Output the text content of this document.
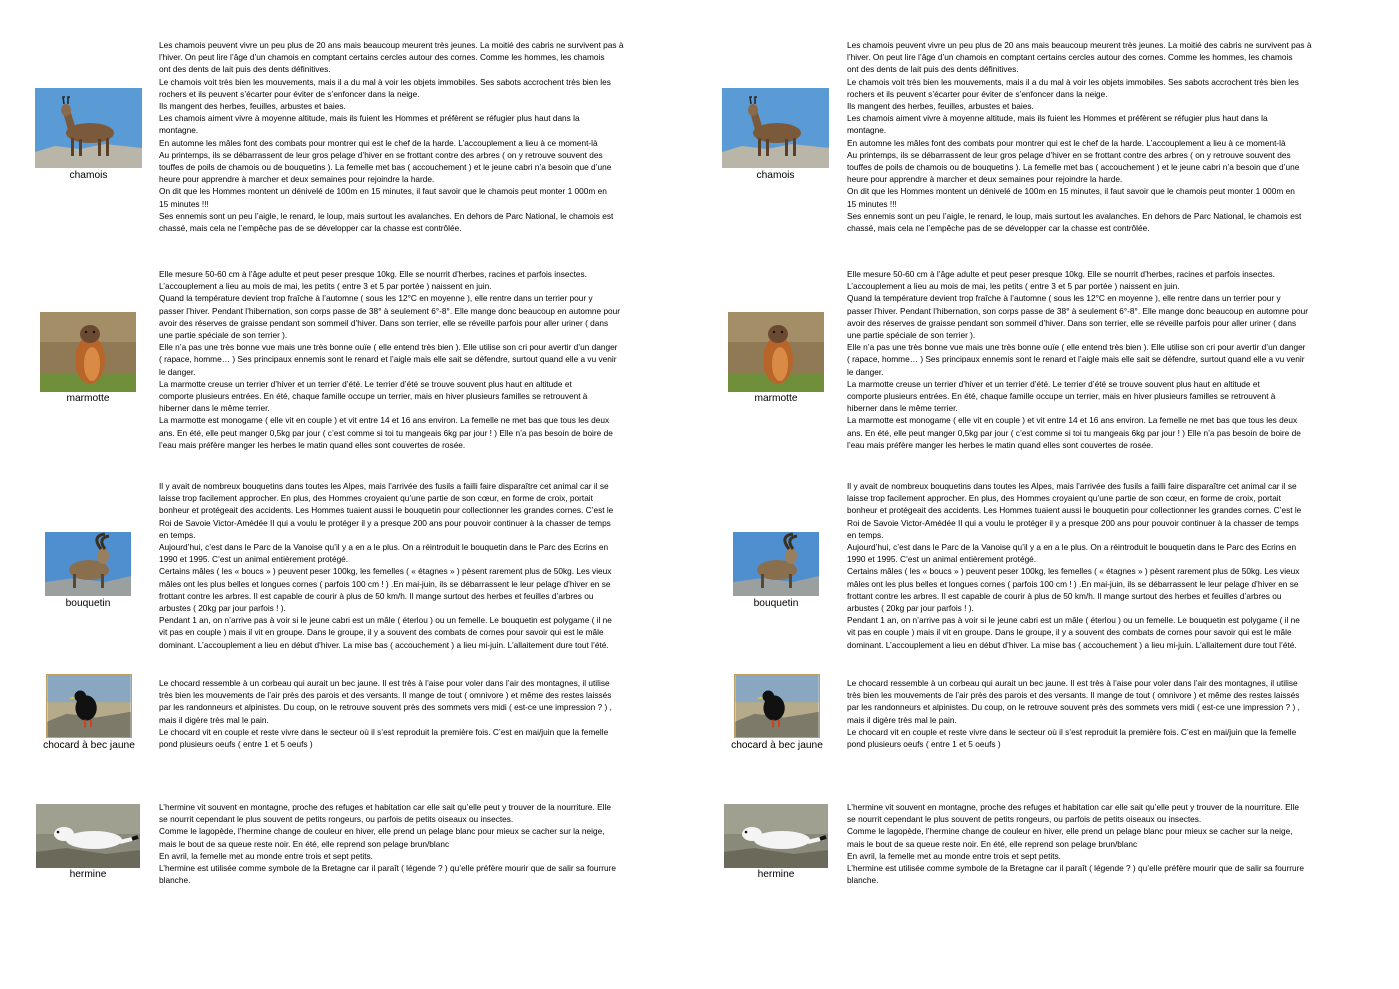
chamois
Les chamois peuvent vivre un peu plus de 20 ans mais beaucoup meurent très jeunes. La moitié des cabris ne survivent pas à
l’hiver. On peut lire l’âge d’un chamois en comptant certains cercles autour des cornes. Comme les hommes, les chamois
ont des dents de lait puis des dents définitives.
Le chamois voit très bien les mouvements, mais il a du mal à voir les objets immobiles. Ses sabots accrochent très bien les
rochers et ils peuvent s’écarter pour éviter de s’enfoncer dans la neige.
Ils mangent des herbes, feuilles, arbustes et baies.
Les chamois aiment vivre à moyenne altitude, mais ils fuient les Hommes et préfèrent se réfugier plus haut dans la
montagne.
En automne les mâles font des combats pour montrer qui est le chef de la harde. L’accouplement a lieu à ce moment-là
Au printemps, ils se débarrassent de leur gros pelage d’hiver en se frottant contre des arbres ( on y retrouve souvent des
touffes de poils de chamois ou de bouquetins ). La femelle met bas ( accouchement ) et le jeune cabri n’a besoin que d’une
heure pour apprendre à marcher et deux semaines pour rejoindre la harde.
On dit que les Hommes montent un dénivelé de 100m en 15 minutes, il faut savoir que le chamois peut monter 1 000m en
15 minutes !!!
Ses ennemis sont un peu l’aigle, le renard, le loup, mais surtout les avalanches. En dehors de Parc National, le chamois est
chassé, mais cela ne l’empêche pas de se développer car la chasse est contrôlée.
marmotte
Elle mesure 50-60 cm à l’âge adulte et peut peser presque 10kg. Elle se nourrit d’herbes, racines et parfois insectes.
L’accouplement a lieu au mois de mai, les petits ( entre 3 et 5 par portée ) naissent en juin.
Quand la température devient trop fraîche à l’automne ( sous les 12°C en moyenne ), elle rentre dans un terrier pour y
passer l’hiver. Pendant l’hibernation, son corps passe de 38° à seulement 6°-8°. Elle mange donc beaucoup en automne pour
avoir des réserves de graisse pendant son sommeil d’hiver. Dans son terrier, elle se réveille parfois pour aller uriner ( dans
une partie spéciale de son terrier ).
Elle n’a pas une très bonne vue mais une très bonne ouïe ( elle entend très bien ). Elle utilise son cri pour avertir d’un danger
( rapace, homme… ) Ses principaux ennemis sont le renard et l’aigle mais elle sait se défendre, surtout quand elle a vu venir
le danger.
La marmotte creuse un terrier d’hiver et un terrier d’été. Le terrier d’été se trouve souvent plus haut en altitude et
comporte plusieurs entrées. En été, chaque famille occupe un terrier, mais en hiver plusieurs familles se retrouvent à
hiberner dans le même terrier.
La marmotte est monogame ( elle vit en couple ) et vit entre 14 et 16 ans environ. La femelle ne met bas que tous les deux
ans. En été, elle peut manger 0,5kg par jour ( c’est comme si toi tu mangeais 6kg par jour ! ) Elle n’a pas besoin de boire de
l’eau mais préfère manger les herbes le matin quand elles sont couvertes de rosée.
bouquetin
Il y avait de nombreux bouquetins dans toutes les Alpes, mais l’arrivée des fusils a failli faire disparaître cet animal car il se
laisse trop facilement approcher. En plus, des Hommes croyaient qu’une partie de son cœur, en forme de croix, portait
bonheur et protégeait des accidents. Les Hommes tuaient aussi le bouquetin pour collectionner les grandes cornes. C’est le
Roi de Savoie Victor-Amédée II qui a voulu le protéger il y a presque 200 ans pour pouvoir continuer à la chasser de temps
en temps.
Aujourd’hui, c’est dans le Parc de la Vanoise qu’il y a en a le plus. On a réintroduit le bouquetin dans le Parc des Ecrins en
1990 et 1995. C’est un animal entièrement protégé.
Certains mâles ( les « boucs » ) peuvent peser 100kg, les femelles ( « étagnes » ) pèsent rarement plus de 50kg. Les vieux
mâles ont les plus belles et longues cornes ( parfois 100 cm ! ) .En mai-juin, ils se débarrassent le leur pelage d’hiver en se
frottant contre les arbres. Il est capable de courir à plus de 50 km/h. Il mange surtout des herbes et feuilles d’arbres ou
arbustes ( 20kg par jour parfois ! ).
Pendant 1 an, on n’arrive pas à voir si le jeune cabri est un mâle ( éterlou ) ou un femelle. Le bouquetin est polygame ( il ne
vit pas en couple ) mais il vit en groupe. Dans le groupe, il y a souvent des combats de cornes pour savoir qui est le mâle
dominant. L’accouplement a lieu en début d’hiver. La mise bas ( accouchement ) a lieu mi-juin. L’allaitement dure tout l’été.
chocard à bec jaune
Le chocard ressemble à un corbeau qui aurait un bec jaune. Il est très à l’aise pour voler dans l’air des montagnes, il utilise
très bien les mouvements de l’air près des parois et des versants. Il mange de tout ( omnivore ) et même des restes laissés
par les randonneurs et alpinistes. Du coup, on le retrouve souvent près des sommets vers midi ( est-ce une impression ? ) ,
mais il digère très mal le pain.
Le chocard vit en couple et reste vivre dans le secteur où il s’est reproduit la première fois. C’est en mai/juin que la femelle
pond plusieurs oeufs ( entre 1 et 5 oeufs )
hermine
L’hermine vit souvent en montagne, proche des refuges et habitation car elle sait qu’elle peut y trouver de la nourriture. Elle
se nourrit cependant le plus souvent de petits rongeurs, ou parfois de petits oiseaux ou insectes.
Comme le lagopède, l’hermine change de couleur en hiver, elle prend un pelage blanc pour mieux se cacher sur la neige,
mais le bout de sa queue reste noir. En été, elle reprend son pelage brun/blanc
En avril, la femelle met au monde entre trois et sept petits.
L’hermine est utilisée comme symbole de la Bretagne car il paraît ( légende ? ) qu’elle préfère mourir que de salir sa fourrure
blanche.
chamois
Les chamois peuvent vivre un peu plus de 20 ans mais beaucoup meurent très jeunes. La moitié des cabris ne survivent pas à
l’hiver. On peut lire l’âge d’un chamois en comptant certains cercles autour des cornes. Comme les hommes, les chamois
ont des dents de lait puis des dents définitives.
Le chamois voit très bien les mouvements, mais il a du mal à voir les objets immobiles. Ses sabots accrochent très bien les
rochers et ils peuvent s’écarter pour éviter de s’enfoncer dans la neige.
Ils mangent des herbes, feuilles, arbustes et baies.
Les chamois aiment vivre à moyenne altitude, mais ils fuient les Hommes et préfèrent se réfugier plus haut dans la
montagne.
En automne les mâles font des combats pour montrer qui est le chef de la harde. L’accouplement a lieu à ce moment-là
Au printemps, ils se débarrassent de leur gros pelage d’hiver en se frottant contre des arbres ( on y retrouve souvent des
touffes de poils de chamois ou de bouquetins ). La femelle met bas ( accouchement ) et le jeune cabri n’a besoin que d’une
heure pour apprendre à marcher et deux semaines pour rejoindre la harde.
On dit que les Hommes montent un dénivelé de 100m en 15 minutes, il faut savoir que le chamois peut monter 1 000m en
15 minutes !!!
Ses ennemis sont un peu l’aigle, le renard, le loup, mais surtout les avalanches. En dehors de Parc National, le chamois est
chassé, mais cela ne l’empêche pas de se développer car la chasse est contrôlée.
marmotte
Elle mesure 50-60 cm à l’âge adulte et peut peser presque 10kg. Elle se nourrit d’herbes, racines et parfois insectes.
L’accouplement a lieu au mois de mai, les petits ( entre 3 et 5 par portée ) naissent en juin.
Quand la température devient trop fraîche à l’automne ( sous les 12°C en moyenne ), elle rentre dans un terrier pour y
passer l’hiver. Pendant l’hibernation, son corps passe de 38° à seulement 6°-8°. Elle mange donc beaucoup en automne pour
avoir des réserves de graisse pendant son sommeil d’hiver. Dans son terrier, elle se réveille parfois pour aller uriner ( dans
une partie spéciale de son terrier ).
Elle n’a pas une très bonne vue mais une très bonne ouïe ( elle entend très bien ). Elle utilise son cri pour avertir d’un danger
( rapace, homme… ) Ses principaux ennemis sont le renard et l’aigle mais elle sait se défendre, surtout quand elle a vu venir
le danger.
La marmotte creuse un terrier d’hiver et un terrier d’été. Le terrier d’été se trouve souvent plus haut en altitude et
comporte plusieurs entrées. En été, chaque famille occupe un terrier, mais en hiver plusieurs familles se retrouvent à
hiberner dans le même terrier.
La marmotte est monogame ( elle vit en couple ) et vit entre 14 et 16 ans environ. La femelle ne met bas que tous les deux
ans. En été, elle peut manger 0,5kg par jour ( c’est comme si toi tu mangeais 6kg par jour ! ) Elle n’a pas besoin de boire de
l’eau mais préfère manger les herbes le matin quand elles sont couvertes de rosée.
bouquetin
Il y avait de nombreux bouquetins dans toutes les Alpes, mais l’arrivée des fusils a failli faire disparaître cet animal car il se
laisse trop facilement approcher. En plus, des Hommes croyaient qu’une partie de son cœur, en forme de croix, portait
bonheur et protégeait des accidents. Les Hommes tuaient aussi le bouquetin pour collectionner les grandes cornes. C’est le
Roi de Savoie Victor-Amédée II qui a voulu le protéger il y a presque 200 ans pour pouvoir continuer à la chasser de temps
en temps.
Aujourd’hui, c’est dans le Parc de la Vanoise qu’il y a en a le plus. On a réintroduit le bouquetin dans le Parc des Ecrins en
1990 et 1995. C’est un animal entièrement protégé.
Certains mâles ( les « boucs » ) peuvent peser 100kg, les femelles ( « étagnes » ) pèsent rarement plus de 50kg. Les vieux
mâles ont les plus belles et longues cornes ( parfois 100 cm ! ) .En mai-juin, ils se débarrassent le leur pelage d’hiver en se
frottant contre les arbres. Il est capable de courir à plus de 50 km/h. Il mange surtout des herbes et feuilles d’arbres ou
arbustes ( 20kg par jour parfois ! ).
Pendant 1 an, on n’arrive pas à voir si le jeune cabri est un mâle ( éterlou ) ou un femelle. Le bouquetin est polygame ( il ne
vit pas en couple ) mais il vit en groupe. Dans le groupe, il y a souvent des combats de cornes pour savoir qui est le mâle
dominant. L’accouplement a lieu en début d’hiver. La mise bas ( accouchement ) a lieu mi-juin. L’allaitement dure tout l’été.
chocard à bec jaune
Le chocard ressemble à un corbeau qui aurait un bec jaune. Il est très à l’aise pour voler dans l’air des montagnes, il utilise
très bien les mouvements de l’air près des parois et des versants. Il mange de tout ( omnivore ) et même des restes laissés
par les randonneurs et alpinistes. Du coup, on le retrouve souvent près des sommets vers midi ( est-ce une impression ? ) ,
mais il digère très mal le pain.
Le chocard vit en couple et reste vivre dans le secteur où il s’est reproduit la première fois. C’est en mai/juin que la femelle
pond plusieurs oeufs ( entre 1 et 5 oeufs )
hermine
L’hermine vit souvent en montagne, proche des refuges et habitation car elle sait qu’elle peut y trouver de la nourriture. Elle
se nourrit cependant le plus souvent de petits rongeurs, ou parfois de petits oiseaux ou insectes.
Comme le lagopède, l’hermine change de couleur en hiver, elle prend un pelage blanc pour mieux se cacher sur la neige,
mais le bout de sa queue reste noir. En été, elle reprend son pelage brun/blanc
En avril, la femelle met au monde entre trois et sept petits.
L’hermine est utilisée comme symbole de la Bretagne car il paraît ( légende ? ) qu’elle préfère mourir que de salir sa fourrure
blanche.
